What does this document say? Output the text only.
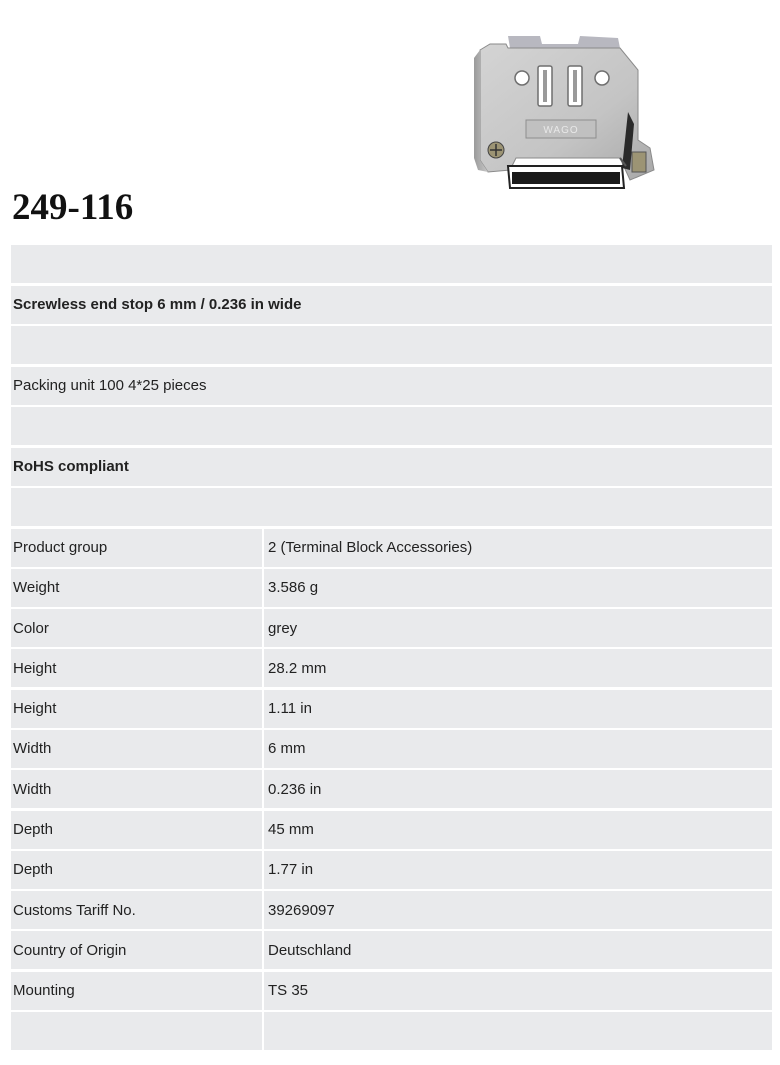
WAGO
249-116
Screwless end stop 6 mm / 0.236 in wide
Packing unit 100 4*25 pieces
RoHS compliant
Product group	2 (Terminal Block Accessories)
Weight	3.586 g
Color	grey
Height	28.2 mm
Height	1.11 in
Width	6 mm
Width	0.236 in
Depth	45 mm
Depth	1.77 in
Customs Tariff No.	39269097
Country of Origin	Deutschland
Mounting	TS 35
